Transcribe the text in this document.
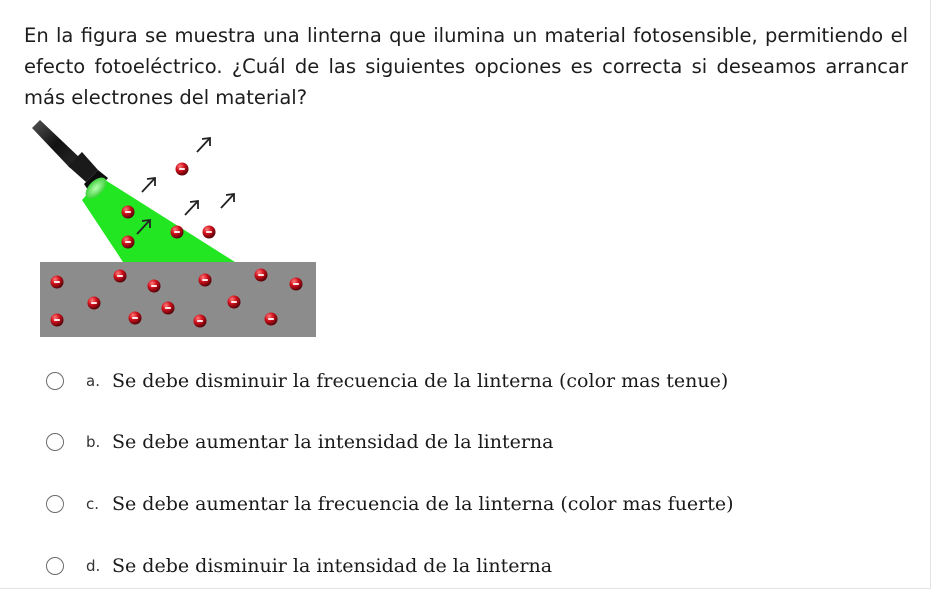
En la figura se muestra una linterna que ilumina un material fotosensible, permitiendo el efecto fotoeléctrico. ¿Cuál de las siguientes opciones es correcta si deseamos arrancar más electrones del material?
a. Se debe disminuir la frecuencia de la linterna (color mas tenue)
b. Se debe aumentar la intensidad de la linterna
c. Se debe aumentar la frecuencia de la linterna (color mas fuerte)
d. Se debe disminuir la intensidad de la linterna
